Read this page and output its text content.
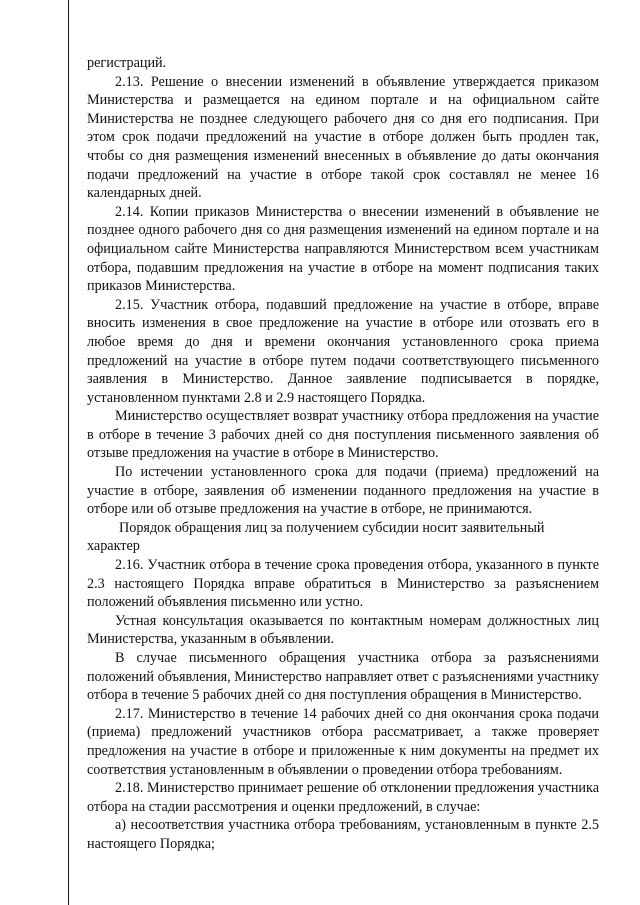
регистраций.

2.13. Решение о внесении изменений в объявление утверждается приказом Министерства и размещается на едином портале и на официальном сайте Министерства не позднее следующего рабочего дня со дня его подписания. При этом срок подачи предложений на участие в отборе должен быть продлен так, чтобы со дня размещения изменений внесенных в объявление до даты окончания подачи предложений на участие в отборе такой срок составлял не менее 16 календарных дней.

2.14. Копии приказов Министерства о внесении изменений в объявление не позднее одного рабочего дня со дня размещения изменений на едином портале и на официальном сайте Министерства направляются Министерством всем участникам отбора, подавшим предложения на участие в отборе на момент подписания таких приказов Министерства.

2.15. Участник отбора, подавший предложение на участие в отборе, вправе вносить изменения в свое предложение на участие в отборе или отозвать его в любое время до дня и времени окончания установленного срока приема предложений на участие в отборе путем подачи соответствующего письменного заявления в Министерство. Данное заявление подписывается в порядке, установленном пунктами 2.8 и 2.9 настоящего Порядка.

Министерство осуществляет возврат участнику отбора предложения на участие в отборе в течение 3 рабочих дней со дня поступления письменного заявления об отзыве предложения на участие в отборе в Министерство.

По истечении установленного срока для подачи (приема) предложений на участие в отборе, заявления об изменении поданного предложения на участие в отборе или об отзыве предложения на участие в отборе, не принимаются.

Порядок обращения лиц за получением субсидии носит заявительный характер

2.16. Участник отбора в течение срока проведения отбора, указанного в пункте 2.3 настоящего Порядка вправе обратиться в Министерство за разъяснением положений объявления письменно или устно.

Устная консультация оказывается по контактным номерам должностных лиц Министерства, указанным в объявлении.

В случае письменного обращения участника отбора за разъяснениями положений объявления, Министерство направляет ответ с разъяснениями участнику отбора в течение 5 рабочих дней со дня поступления обращения в Министерство.

2.17. Министерство в течение 14 рабочих дней со дня окончания срока подачи (приема) предложений участников отбора рассматривает, а также проверяет предложения на участие в отборе и приложенные к ним документы на предмет их соответствия установленным в объявлении о проведении отбора требованиям.

2.18. Министерство принимает решение об отклонении предложения участника отбора на стадии рассмотрения и оценки предложений, в случае:

а) несоответствия участника отбора требованиям, установленным в пункте 2.5 настоящего Порядка;
